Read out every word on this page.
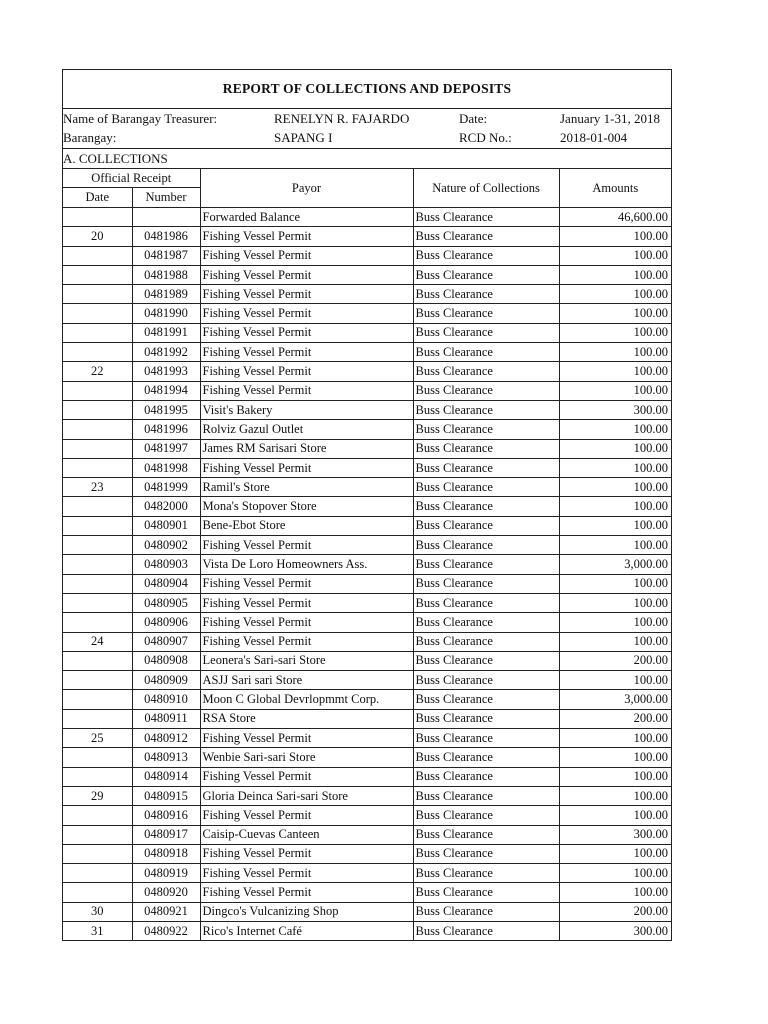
REPORT OF COLLECTIONS AND DEPOSITS
Name of Barangay Treasurer:	RENELYN R. FAJARDO	Date:	January 1-31, 2018
Barangay:	SAPANG I	RCD No.:	2018-01-004
A. COLLECTIONS
Official Receipt		Payor	Nature of Collections	Amounts
Date	Number			
		Forwarded Balance	Buss Clearance	46,600.00
20	0481986	Fishing Vessel Permit	Buss Clearance	100.00
	0481987	Fishing Vessel Permit	Buss Clearance	100.00
	0481988	Fishing Vessel Permit	Buss Clearance	100.00
	0481989	Fishing Vessel Permit	Buss Clearance	100.00
	0481990	Fishing Vessel Permit	Buss Clearance	100.00
	0481991	Fishing Vessel Permit	Buss Clearance	100.00
	0481992	Fishing Vessel Permit	Buss Clearance	100.00
22	0481993	Fishing Vessel Permit	Buss Clearance	100.00
	0481994	Fishing Vessel Permit	Buss Clearance	100.00
	0481995	Visit's Bakery	Buss Clearance	300.00
	0481996	Rolviz Gazul Outlet	Buss Clearance	100.00
	0481997	James RM Sarisari Store	Buss Clearance	100.00
	0481998	Fishing Vessel Permit	Buss Clearance	100.00
23	0481999	Ramil's Store	Buss Clearance	100.00
	0482000	Mona's Stopover Store	Buss Clearance	100.00
	0480901	Bene-Ebot Store	Buss Clearance	100.00
	0480902	Fishing Vessel Permit	Buss Clearance	100.00
	0480903	Vista De Loro Homeowners Ass.	Buss Clearance	3,000.00
	0480904	Fishing Vessel Permit	Buss Clearance	100.00
	0480905	Fishing Vessel Permit	Buss Clearance	100.00
	0480906	Fishing Vessel Permit	Buss Clearance	100.00
24	0480907	Fishing Vessel Permit	Buss Clearance	100.00
	0480908	Leonera's Sari-sari Store	Buss Clearance	200.00
	0480909	ASJJ Sari sari Store	Buss Clearance	100.00
	0480910	Moon C Global Devrlopmmt Corp.	Buss Clearance	3,000.00
	0480911	RSA Store	Buss Clearance	200.00
25	0480912	Fishing Vessel Permit	Buss Clearance	100.00
	0480913	Wenbie Sari-sari Store	Buss Clearance	100.00
	0480914	Fishing Vessel Permit	Buss Clearance	100.00
29	0480915	Gloria Deinca Sari-sari Store	Buss Clearance	100.00
	0480916	Fishing Vessel Permit	Buss Clearance	100.00
	0480917	Caisip-Cuevas Canteen	Buss Clearance	300.00
	0480918	Fishing Vessel Permit	Buss Clearance	100.00
	0480919	Fishing Vessel Permit	Buss Clearance	100.00
	0480920	Fishing Vessel Permit	Buss Clearance	100.00
30	0480921	Dingco's Vulcanizing Shop	Buss Clearance	200.00
31	0480922	Rico's Internet Café	Buss Clearance	300.00
